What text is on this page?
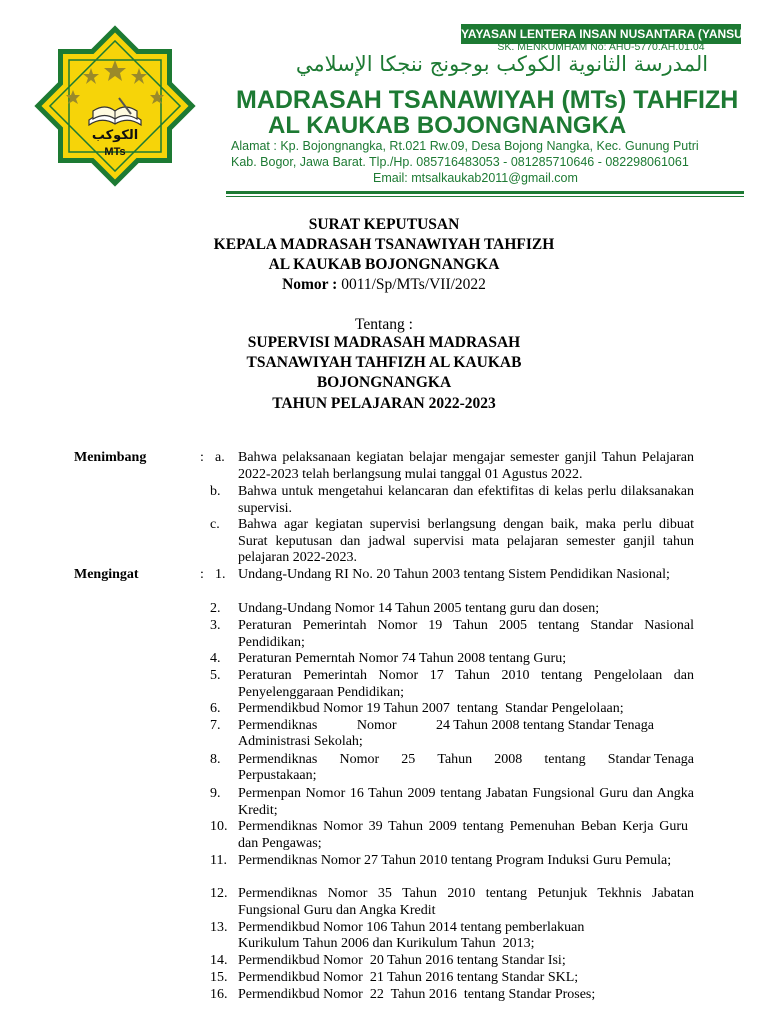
الكوكب
MTs
YAYASAN LENTERA INSAN NUSANTARA (YANSURA)
SK. MENKUMHAM No: AHU-5770.AH.01.04
المدرسة الثانوية الكوكب بوجونج ننجكا الإسلامي
MADRASAH TSANAWIYAH (MTs) TAHFIZH
AL KAUKAB BOJONGNANGKA
Alamat : Kp. Bojongnangka, Rt.021 Rw.09, Desa Bojong Nangka, Kec. Gunung Putri
Kab. Bogor, Jawa Barat. Tlp./Hp. 085716483053 - 081285710646 - 082298061061
Email: mtsalkaukab2011@gmail.com
SURAT KEPUTUSAN
KEPALA MADRASAH TSANAWIYAH TAHFIZH
AL KAUKAB BOJONGNANGKA
Nomor : 0011/Sp/MTs/VII/2022
Tentang :
SUPERVISI MADRASAH MADRASAH
TSANAWIYAH TAHFIZH AL KAUKAB
BOJONGNANGKA
TAHUN PELAJARAN 2022-2023
Menimbang	: a. Bahwa pelaksanaan kegiatan belajar mengajar semester ganjil Tahun Pelajaran 2022-2023 telah berlangsung mulai tanggal 01 Agustus 2022.
b. Bahwa untuk mengetahui kelancaran dan efektifitas di kelas perlu dilaksanakan supervisi.
c. Bahwa agar kegiatan supervisi berlangsung dengan baik, maka perlu dibuat Surat keputusan dan jadwal supervisi mata pelajaran semester ganjil tahun pelajaran 2022-2023.
Mengingat	: 1. Undang-Undang RI No. 20 Tahun 2003 tentang Sistem Pendidikan Nasional;
2. Undang-Undang Nomor 14 Tahun 2005 tentang guru dan dosen;
3. Peraturan Pemerintah Nomor 19 Tahun 2005 tentang Standar Nasional Pendidikan;
4. Peraturan Pemerntah Nomor 74 Tahun 2008 tentang Guru;
5. Peraturan Pemerintah Nomor 17 Tahun 2010 tentang Pengelolaan dan Penyelenggaraan Pendidikan;
6. Permendikbud Nomor 19 Tahun 2007  tentang  Standar Pengelolaan;
7. Permendiknas	Nomor	24 Tahun 2008 tentang Standar Tenaga
Administrasi Sekolah;
8. Permendiknas Nomor 25 Tahun 2008 tentang Standar Tenaga
Perpustakaan;
9. Permenpan Nomor 16 Tahun 2009 tentang Jabatan Fungsional Guru dan Angka Kredit;
10. Permendiknas Nomor 39 Tahun 2009 tentang Pemenuhan Beban Kerja Guru dan Pengawas;
11. Permendiknas Nomor 27 Tahun 2010 tentang Program Induksi Guru Pemula;
12. Permendiknas Nomor 35 Tahun 2010 tentang Petunjuk Tekhnis Jabatan Fungsional Guru dan Angka Kredit
13. Permendikbud Nomor 106 Tahun 2014 tentang pemberlakuan
Kurikulum Tahun 2006 dan Kurikulum Tahun  2013;
14. Permendikbud Nomor  20 Tahun 2016 tentang Standar Isi;
15. Permendikbud Nomor  21 Tahun 2016 tentang Standar SKL;
16. Permendikbud Nomor  22  Tahun 2016  tentang Standar Proses;
